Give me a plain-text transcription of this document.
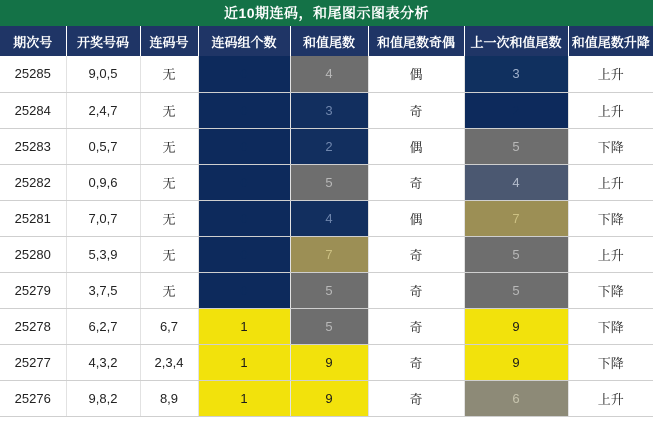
近10期连码，和尾图示图表分析
期次号	开奖号码	连码号	连码组个数	和值尾数	和值尾数奇偶	上一次和值尾数	和值尾数升降
25285	9,0,5	无	0	4	偶	3	上升
25284	2,4,7	无	0	3	奇	2	上升
25283	0,5,7	无	0	2	偶	5	下降
25282	0,9,6	无	0	5	奇	4	上升
25281	7,0,7	无	0	4	偶	7	下降
25280	5,3,9	无	0	7	奇	5	上升
25279	3,7,5	无	0	5	奇	5	下降
25278	6,2,7	6,7	1	5	奇	9	下降
25277	4,3,2	2,3,4	1	9	奇	9	下降
25276	9,8,2	8,9	1	9	奇	6	上升
